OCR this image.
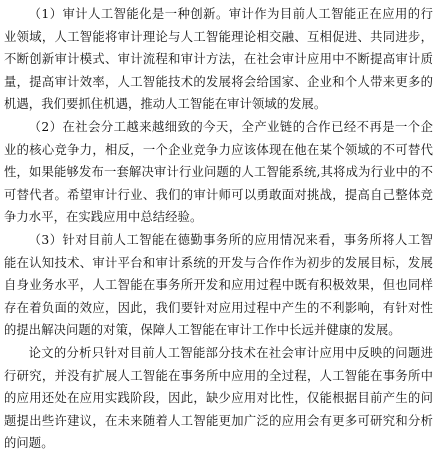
（1）审计人工智能化是一种创新。审计作为目前人工智能正在应用的行业领域，人工智能将审计理论与人工智能理论相交融、互相促进、共同进步，不断创新审计模式、审计流程和审计方法，在社会审计应用中不断提高审计质量，提高审计效率，人工智能技术的发展将会给国家、企业和个人带来更多的机遇，我们要抓住机遇，推动人工智能在审计领域的发展。

（2）在社会分工越来越细致的今天，全产业链的合作已经不再是一个企业的核心竞争力，相反，一个企业竞争力应该体现在他在某个领域的不可替代性，如果能够发布一套解决审计行业问题的人工智能系统,其将成为行业中的不可替代者。希望审计行业、我们的审计师可以勇敢面对挑战，提高自己整体竞争力水平，在实践应用中总结经验。

（3）针对目前人工智能在德勤事务所的应用情况来看，事务所将人工智能在认知技术、审计平台和审计系统的开发与合作作为初步的发展目标，发展自身业务水平，人工智能在事务所开发和应用过程中既有积极效果，但也同样存在着负面的效应，因此，我们要针对应用过程中产生的不利影响，有针对性的提出解决问题的对策，保障人工智能在审计工作中长远并健康的发展。

论文的分析只针对目前人工智能部分技术在社会审计应用中反映的问题进行研究，并没有扩展人工智能在事务所中应用的全过程，人工智能在事务所中的应用还处在应用实践阶段，因此，缺少应用对比性，仅能根据目前产生的问题提出些许建议，在未来随着人工智能更加广泛的应用会有更多可研究和分析的问题。
